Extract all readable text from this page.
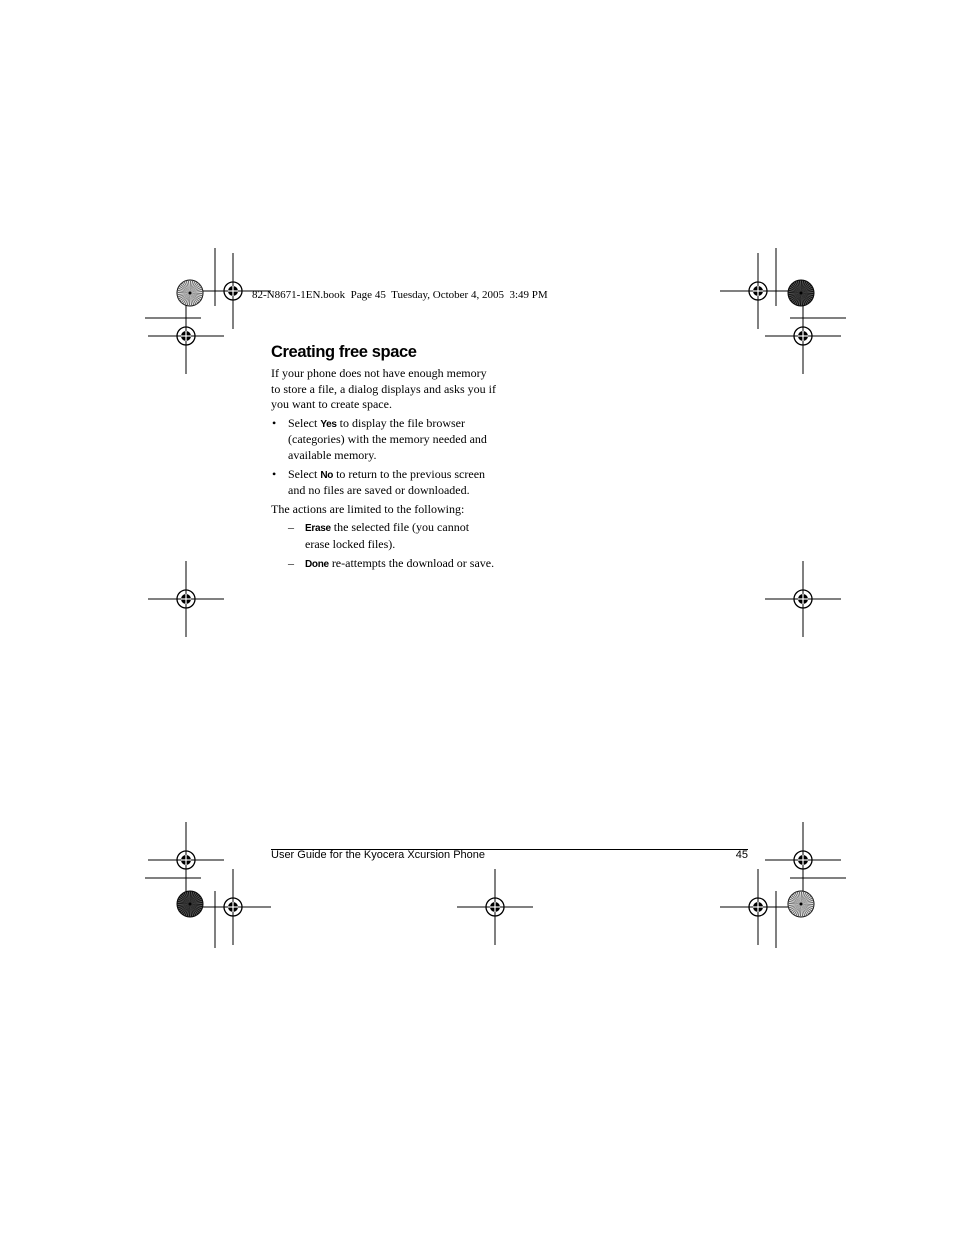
82-N8671-1EN.book  Page 45  Tuesday, October 4, 2005  3:49 PM
Creating free space
If your phone does not have enough memory to store a file, a dialog displays and asks you if you want to create space.
• Select Yes to display the file browser (categories) with the memory needed and available memory.
• Select No to return to the previous screen and no files are saved or downloaded.
The actions are limited to the following:
– Erase the selected file (you cannot erase locked files).
– Done re-attempts the download or save.
User Guide for the Kyocera Xcursion Phone	45
